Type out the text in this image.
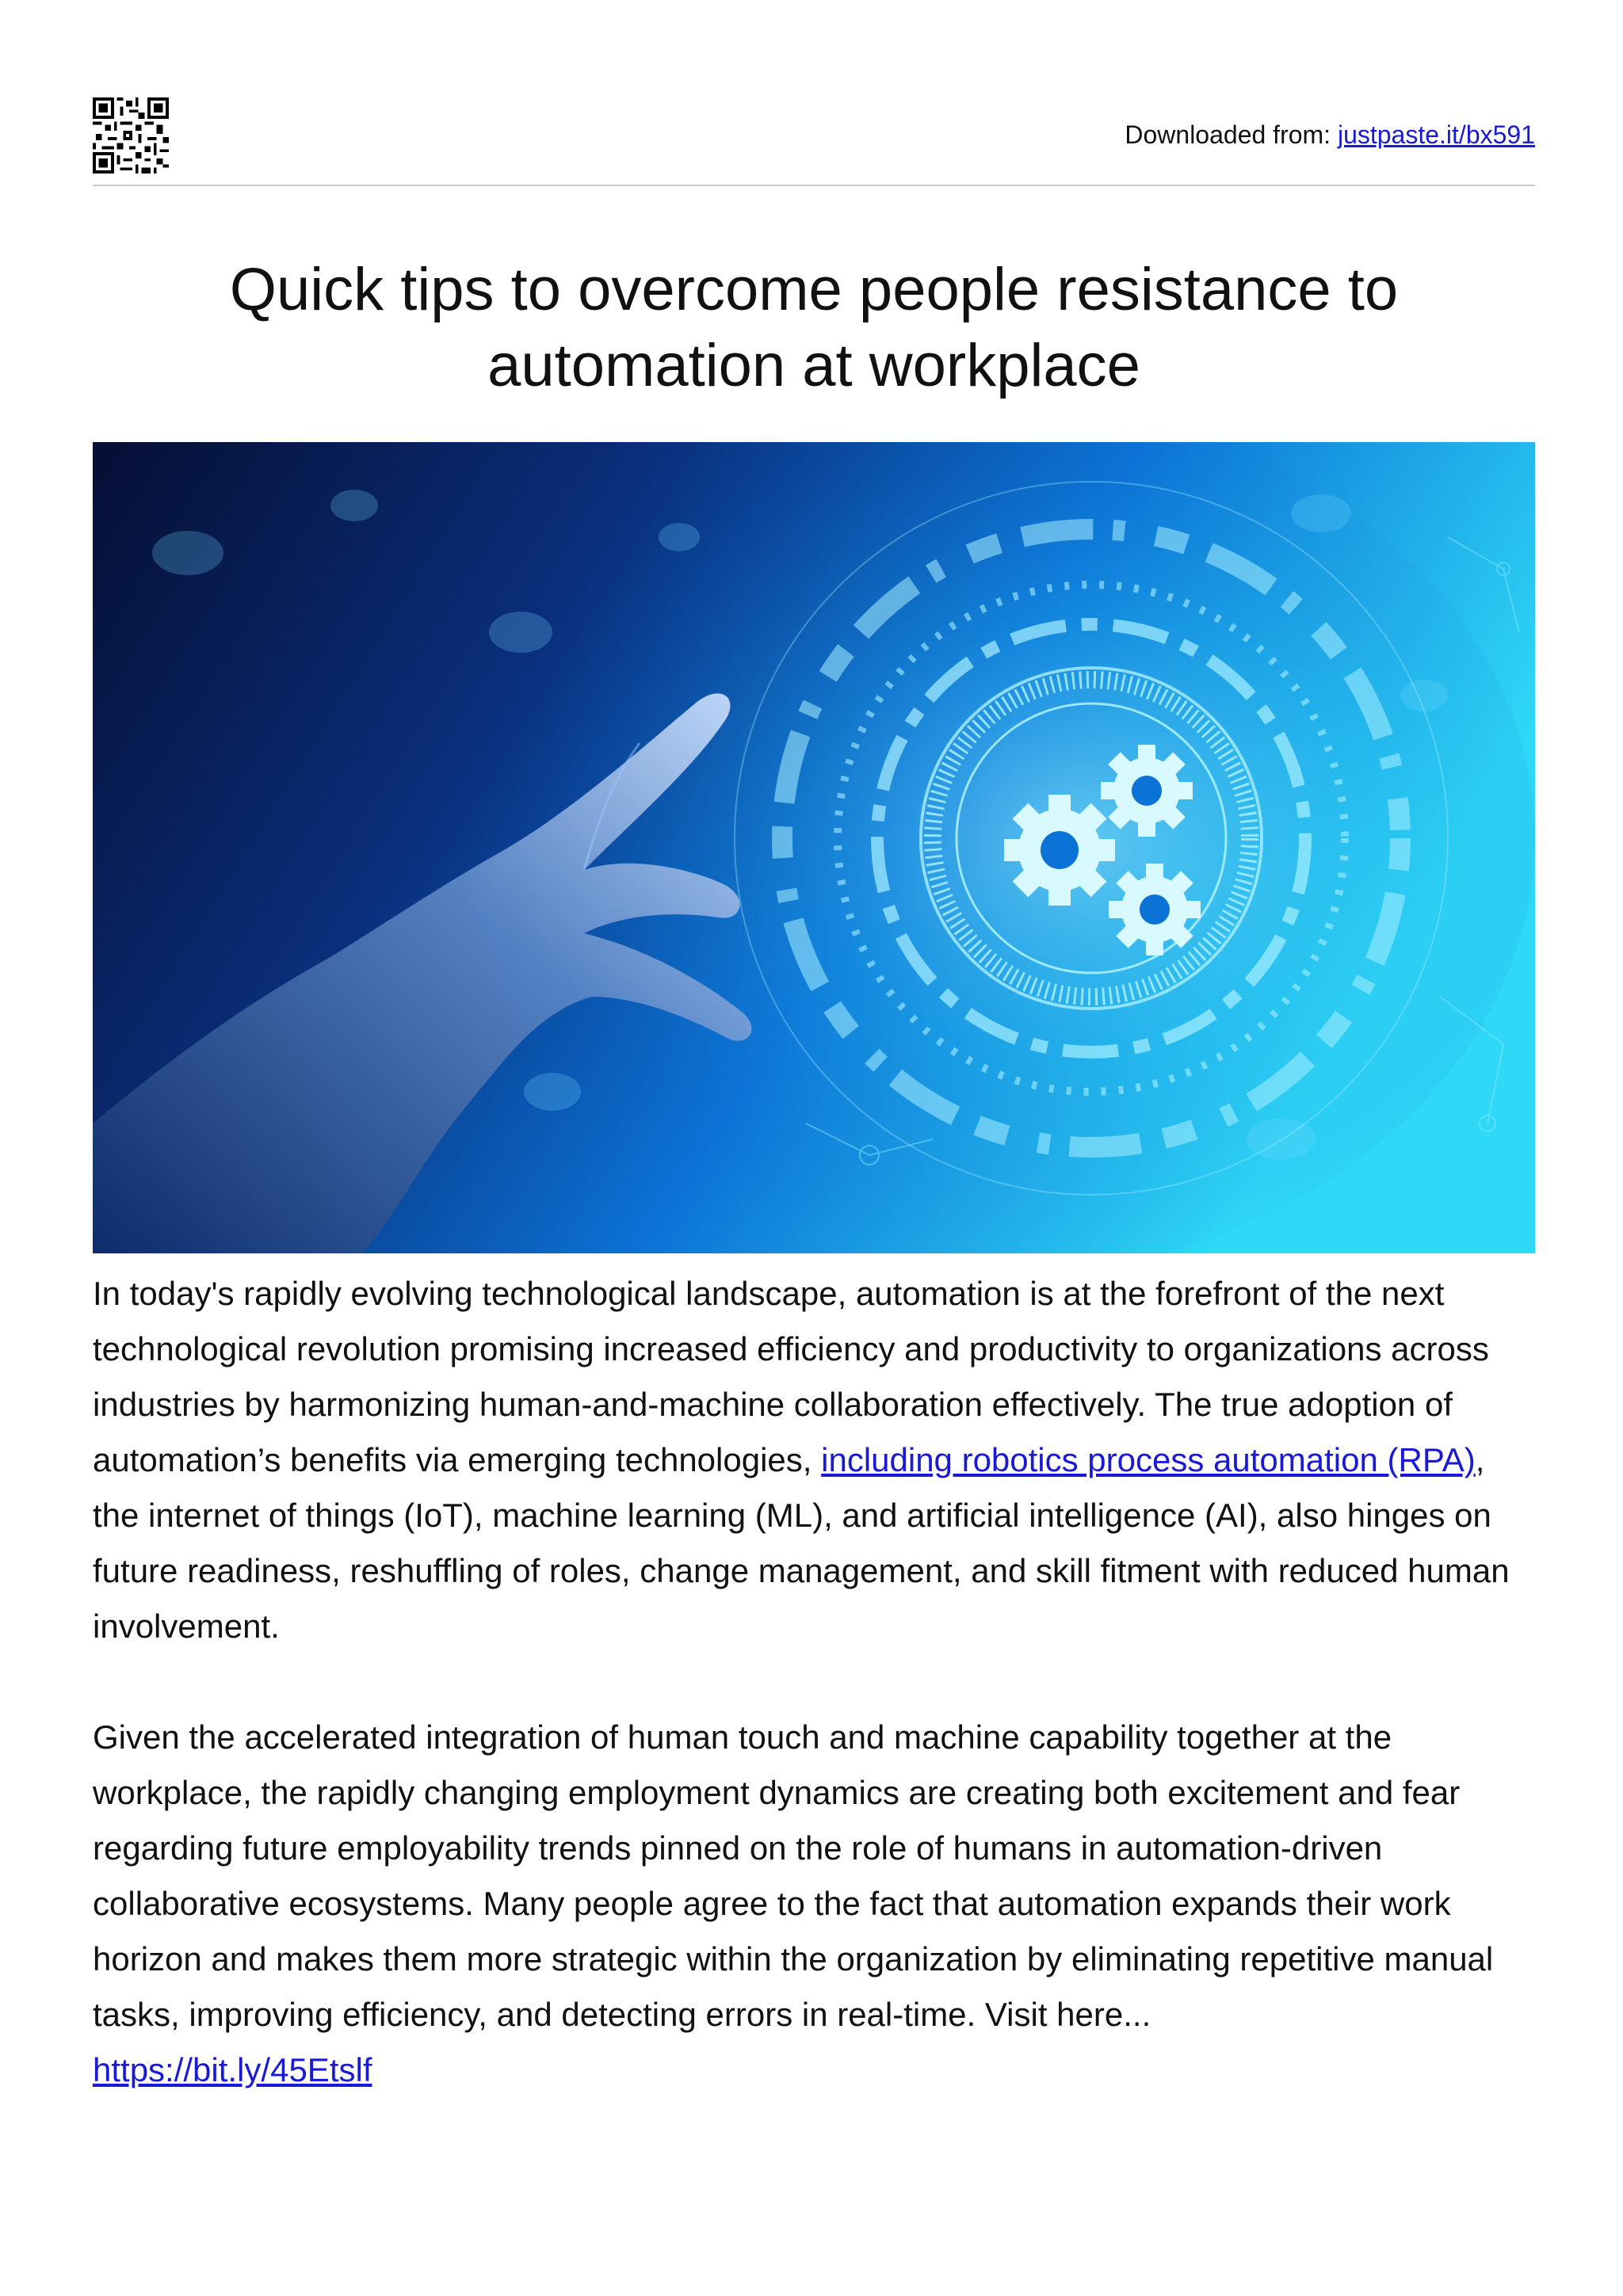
Downloaded from: justpaste.it/bx591
Quick tips to overcome people resistance to automation at workplace

In today's rapidly evolving technological landscape, automation is at the forefront of the next technological revolution promising increased efficiency and productivity to organizations across industries by harmonizing human-and-machine collaboration effectively. The true adoption of automation’s benefits via emerging technologies, including robotics process automation (RPA), the internet of things (IoT), machine learning (ML), and artificial intelligence (AI), also hinges on future readiness, reshuffling of roles, change management, and skill fitment with reduced human involvement.

Given the accelerated integration of human touch and machine capability together at the workplace, the rapidly changing employment dynamics are creating both excitement and fear regarding future employability trends pinned on the role of humans in automation-driven collaborative ecosystems. Many people agree to the fact that automation expands their work horizon and makes them more strategic within the organization by eliminating repetitive manual tasks, improving efficiency, and detecting errors in real-time. Visit here...
https://bit.ly/45Etslf
